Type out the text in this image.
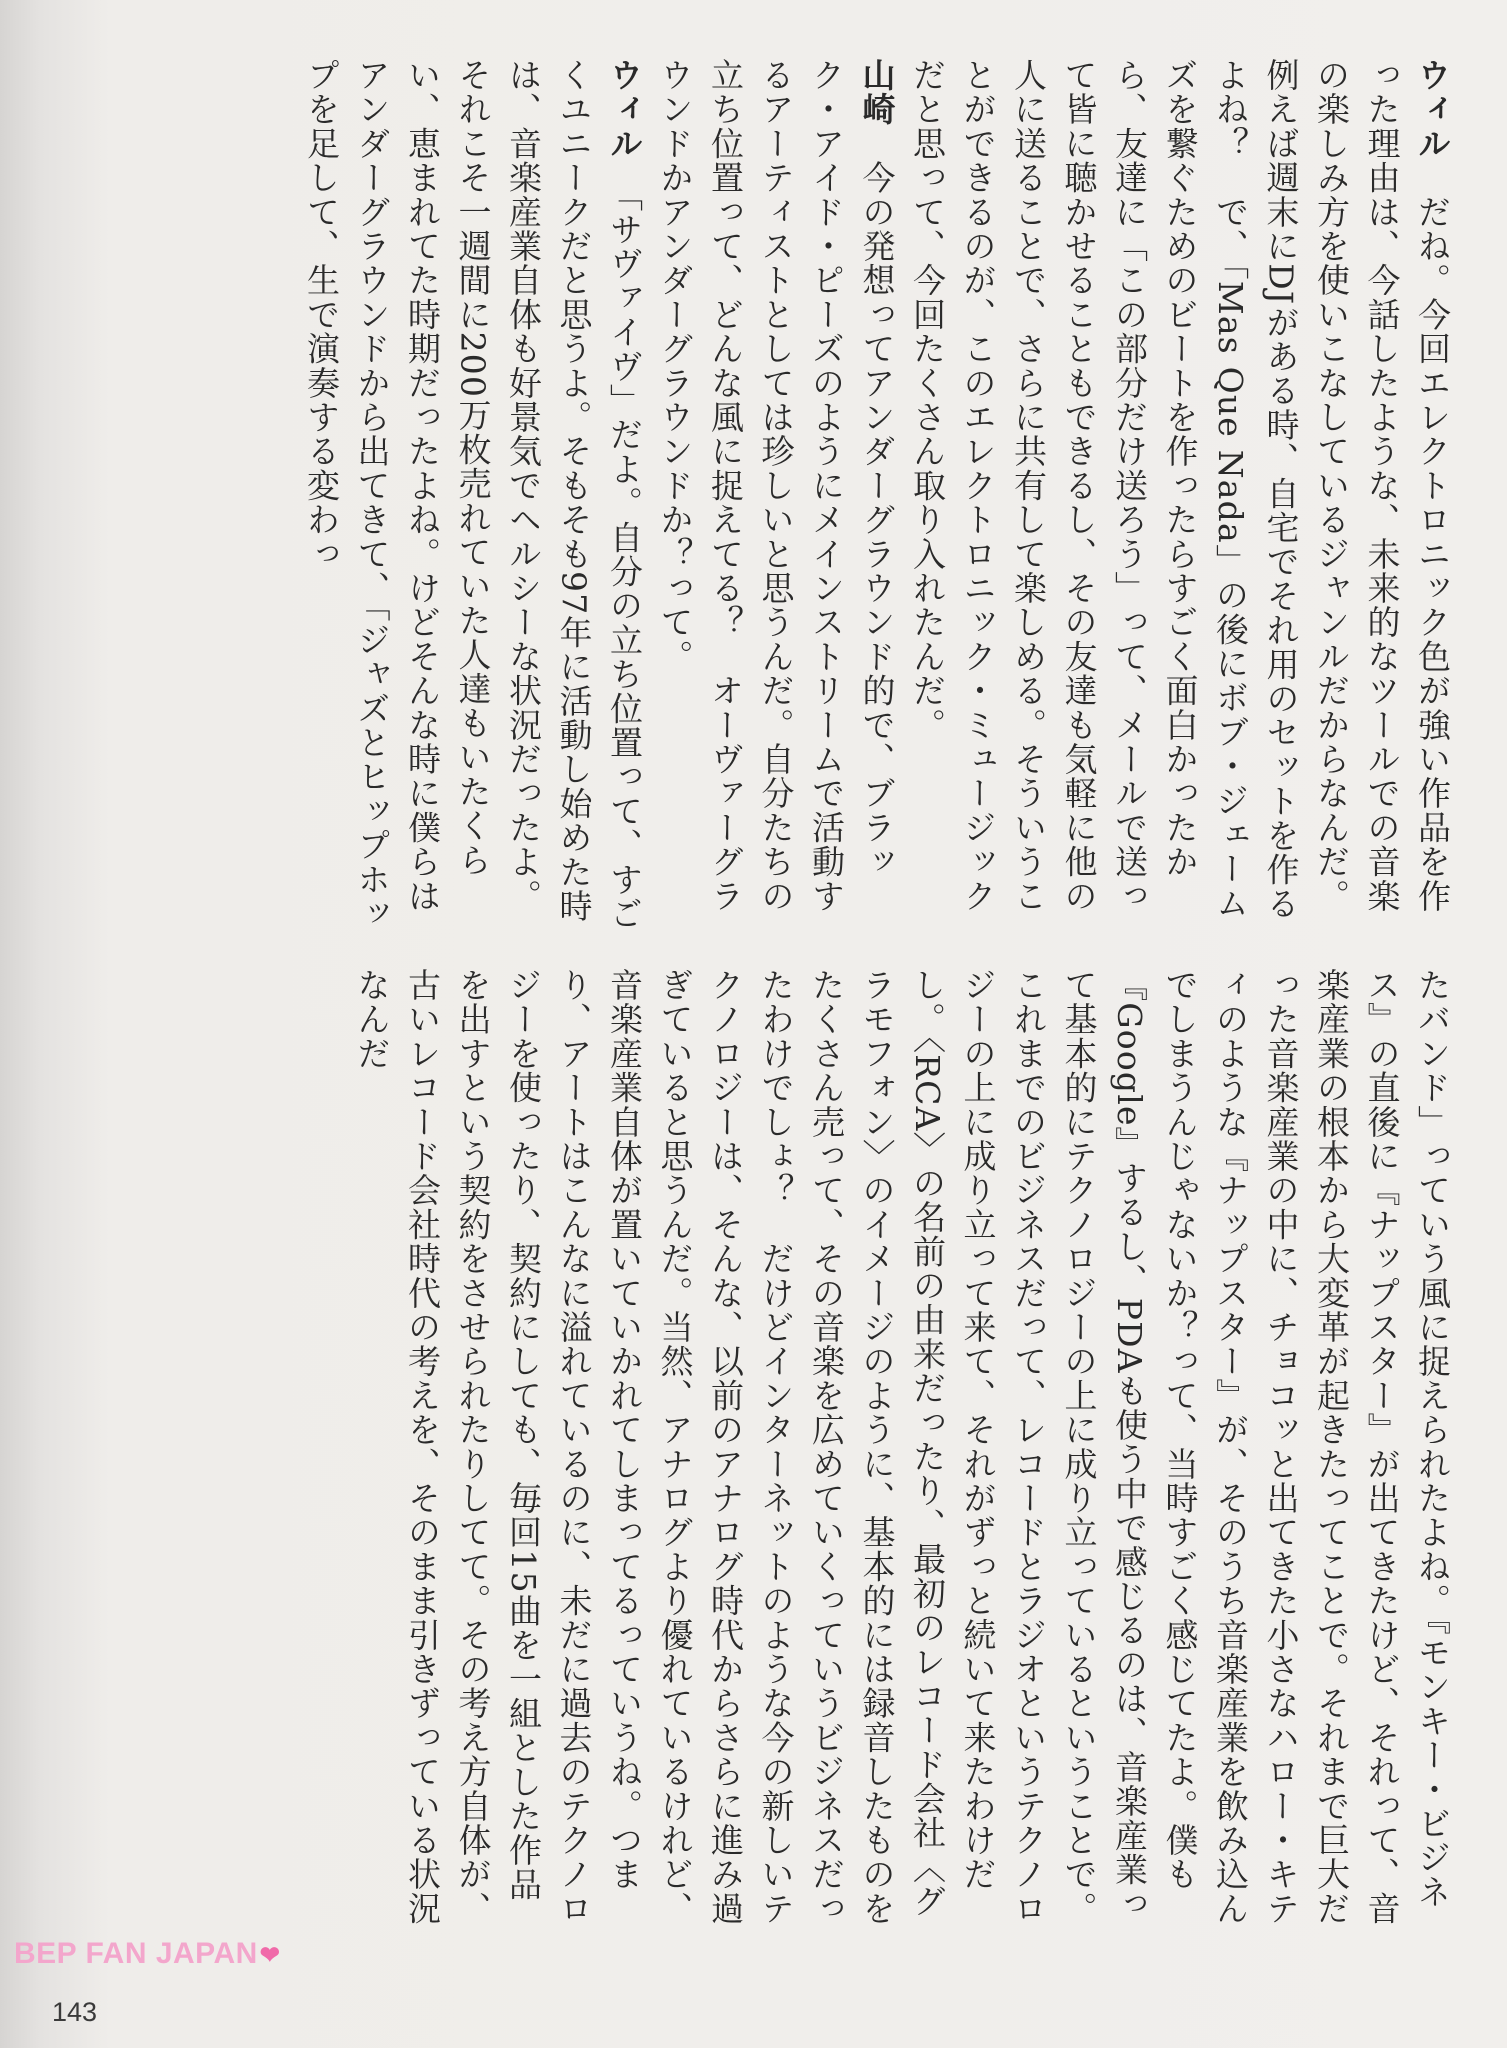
ウィル　だね。今回エレクトロニック色が強い作品を作った理由は、今話したような、未来的なツールでの音楽の楽しみ方を使いこなしているジャンルだからなんだ。例えば週末にDJがある時、自宅でそれ用のセットを作るよね？　で、「Mas Que Nada」の後にボブ・ジェームズを繋ぐためのビートを作ったらすごく面白かったから、友達に「この部分だけ送ろう」って、メールで送って皆に聴かせることもできるし、その友達も気軽に他の人に送ることで、さらに共有して楽しめる。そういうことができるのが、このエレクトロニック・ミュージックだと思って、今回たくさん取り入れたんだ。
山崎　今の発想ってアンダーグラウンド的で、ブラック・アイド・ピーズのようにメインストリームで活動するアーティストとしては珍しいと思うんだ。自分たちの立ち位置って、どんな風に捉えてる？　オーヴァーグラウンドかアンダーグラウンドか？って。
ウィル　「サヴァイヴ」だよ。自分の立ち位置って、すごくユニークだと思うよ。そもそも97年に活動し始めた時は、音楽産業自体も好景気でヘルシーな状況だったよ。それこそ一週間に200万枚売れていた人達もいたくらい、恵まれてた時期だったよね。けどそんな時に僕らはアンダーグラウンドから出てきて、「ジャズとヒップホップを足して、生で演奏する変わっ
たバンド」っていう風に捉えられたよね。『モンキー・ビジネス』の直後に『ナップスター』が出てきたけど、それって、音楽産業の根本から大変革が起きたってことで。それまで巨大だった音楽産業の中に、チョコッと出てきた小さなハロー・キティのような『ナップスター』が、そのうち音楽産業を飲み込んでしまうんじゃないか？って、当時すごく感じてたよ。僕も『Google』するし、PDAも使う中で感じるのは、音楽産業って基本的にテクノロジーの上に成り立っているということで。これまでのビジネスだって、レコードとラジオというテクノロジーの上に成り立って来て、それがずっと続いて来たわけだし。〈RCA〉の名前の由来だったり、最初のレコード会社〈グラモフォン〉のイメージのように、基本的には録音したものをたくさん売って、その音楽を広めていくっていうビジネスだったわけでしょ？　だけどインターネットのような今の新しいテクノロジーは、そんな、以前のアナログ時代からさらに進み過ぎていると思うんだ。当然、アナログより優れているけれど、音楽産業自体が置いていかれてしまってるっていうね。つまり、アートはこんなに溢れているのに、未だに過去のテクノロジーを使ったり、契約にしても、毎回15曲を一組とした作品を出すという契約をさせられたりしてて。その考え方自体が、古いレコード会社時代の考えを、そのまま引きずっている状況なんだ
BEP FAN JAPAN❤
143
